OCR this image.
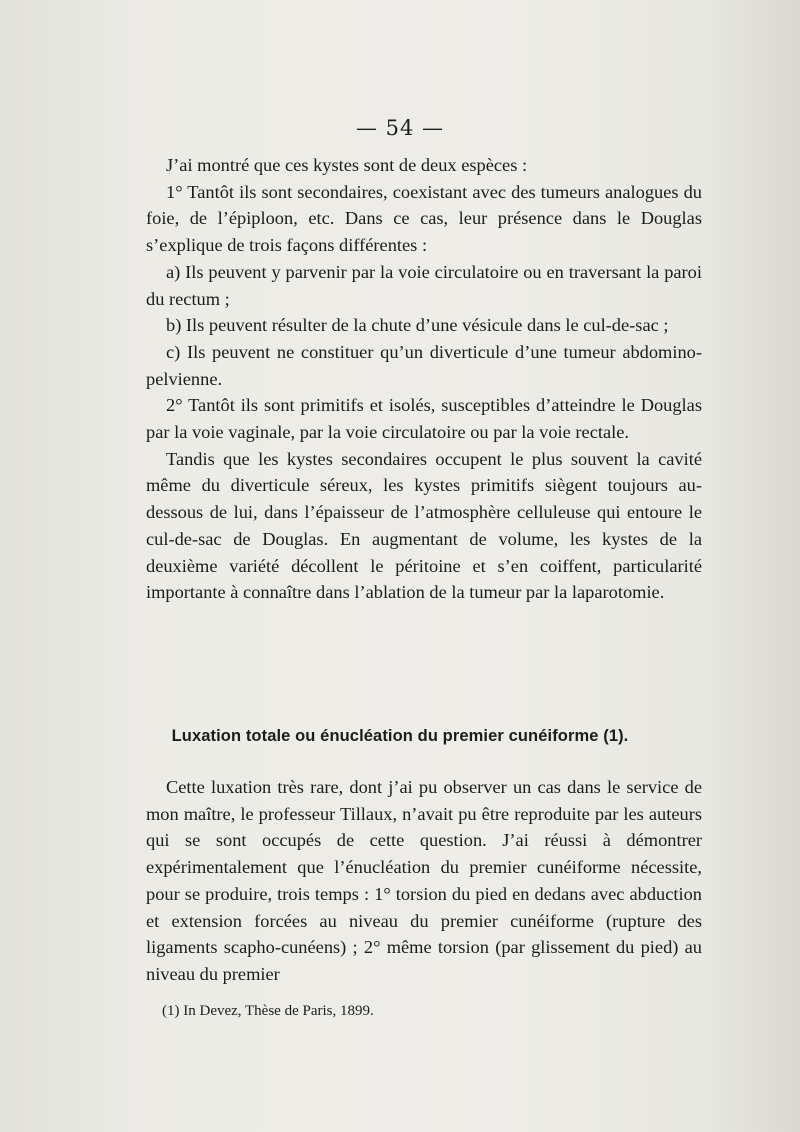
— 54 —

J’ai montré que ces kystes sont de deux espèces :

1° Tantôt ils sont secondaires, coexistant avec des tumeurs analogues du foie, de l’épiploon, etc. Dans ce cas, leur présence dans le Douglas s’explique de trois façons différentes :

a) Ils peuvent y parvenir par la voie circulatoire ou en traversant la paroi du rectum ;

b) Ils peuvent résulter de la chute d’une vésicule dans le cul-de-sac ;

c) Ils peuvent ne constituer qu’un diverticule d’une tumeur abdomino-pelvienne.

2° Tantôt ils sont primitifs et isolés, susceptibles d’atteindre le Douglas par la voie vaginale, par la voie circulatoire ou par la voie rectale.

Tandis que les kystes secondaires occupent le plus souvent la cavité même du diverticule séreux, les kystes primitifs siègent toujours au-dessous de lui, dans l’épaisseur de l’atmosphère celluleuse qui entoure le cul-de-sac de Douglas. En augmentant de volume, les kystes de la deuxième variété décollent le péritoine et s’en coiffent, particularité importante à connaître dans l’ablation de la tumeur par la laparotomie.

Luxation totale ou énucléation du premier cunéiforme (1).

Cette luxation très rare, dont j’ai pu observer un cas dans le service de mon maître, le professeur Tillaux, n’avait pu être reproduite par les auteurs qui se sont occupés de cette question. J’ai réussi à démontrer expérimentalement que l’énucléation du premier cunéiforme nécessite, pour se produire, trois temps : 1° torsion du pied en dedans avec abduction et extension forcées au niveau du premier cunéiforme (rupture des ligaments scapho-cunéens) ; 2° même torsion (par glissement du pied) au niveau du premier

(1) In Devez, Thèse de Paris, 1899.
